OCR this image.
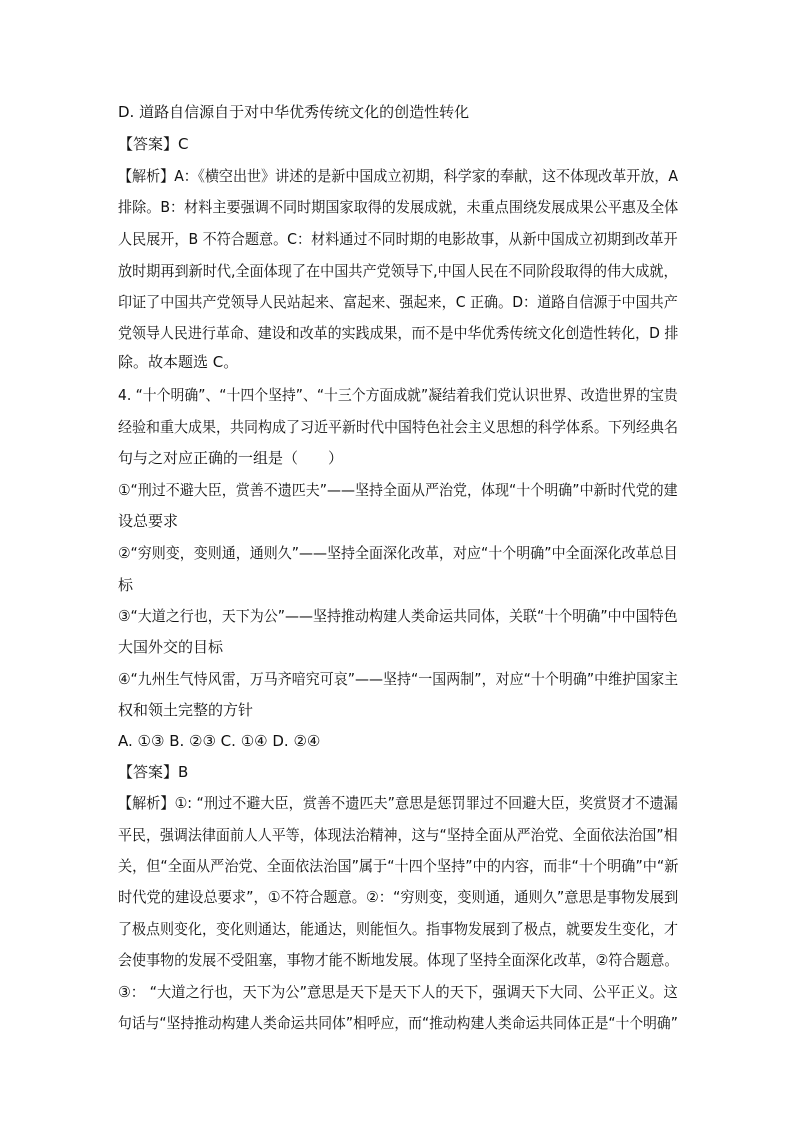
D. 道路自信源自于对中华优秀传统文化的创造性转化
【答案】C
【解析】A：《横空出世》讲述的是新中国成立初期，科学家的奉献，这不体现改革开放，A
排除。B：材料主要强调不同时期国家取得的发展成就，未重点围绕发展成果公平惠及全体
人民展开，B 不符合题意。C：材料通过不同时期的电影故事，从新中国成立初期到改革开
放时期再到新时代,全面体现了在中国共产党领导下,中国人民在不同阶段取得的伟大成就，
印证了中国共产党领导人民站起来、富起来、强起来，C 正确。D：道路自信源于中国共产
党领导人民进行革命、建设和改革的实践成果，而不是中华优秀传统文化创造性转化，D 排
除。故本题选 C。
4. “十个明确”、“十四个坚持”、“十三个方面成就”凝结着我们党认识世界、改造世界的宝贵
经验和重大成果，共同构成了习近平新时代中国特色社会主义思想的科学体系。下列经典名
句与之对应正确的一组是（　　）
①“刑过不避大臣，赏善不遗匹夫”——坚持全面从严治党，体现“十个明确”中新时代党的建
设总要求
②“穷则变，变则通，通则久”——坚持全面深化改革，对应“十个明确”中全面深化改革总目
标
③“大道之行也，天下为公”——坚持推动构建人类命运共同体，关联“十个明确”中中国特色
大国外交的目标
④“九州生气恃风雷，万马齐喑究可哀”——坚持“一国两制”，对应“十个明确”中维护国家主
权和领土完整的方针
A. ①③ B. ②③ C. ①④ D. ②④
【答案】B
【解析】①: “刑过不避大臣，赏善不遗匹夫”意思是惩罚罪过不回避大臣，奖赏贤才不遗漏
平民，强调法律面前人人平等，体现法治精神，这与“坚持全面从严治党、全面依法治国”相
关，但“全面从严治党、全面依法治国”属于“十四个坚持”中的内容，而非“十个明确”中“新
时代党的建设总要求”，①不符合题意。②：“穷则变，变则通，通则久”意思是事物发展到
了极点则变化，变化则通达，能通达，则能恒久。指事物发展到了极点，就要发生变化，才
会使事物的发展不受阻塞，事物才能不断地发展。体现了坚持全面深化改革，②符合题意。
③： “大道之行也，天下为公”意思是天下是天下人的天下，强调天下大同、公平正义。这
句话与“坚持推动构建人类命运共同体”相呼应，而“推动构建人类命运共同体正是“十个明确”
